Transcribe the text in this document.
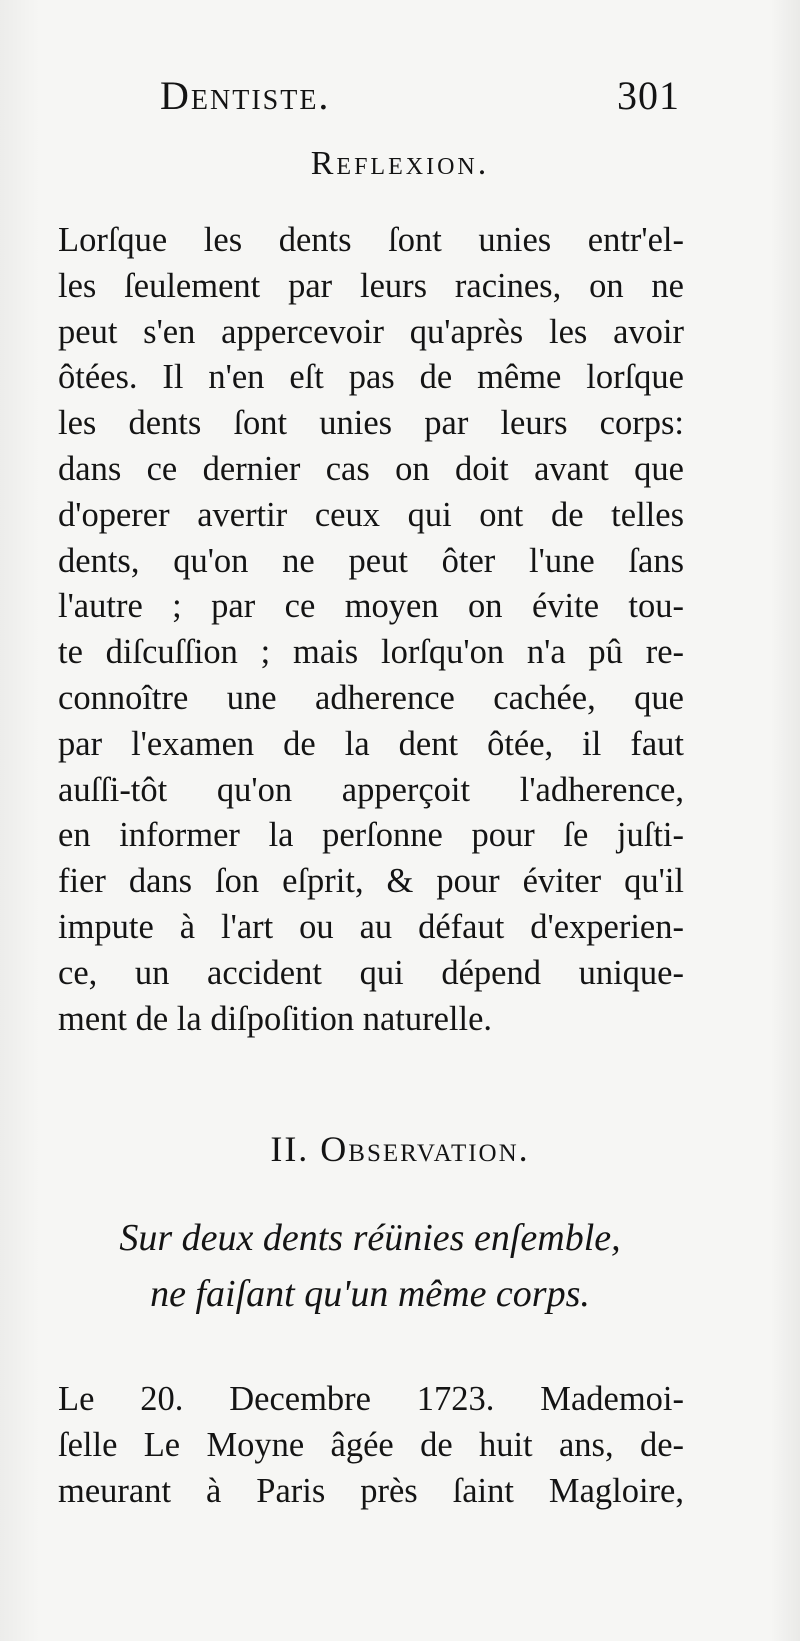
Dentiste.	301
Reflexion.
Lorſque les dents ſont unies entr'el-
les ſeulement par leurs racines, on ne
peut s'en appercevoir qu'après les avoir
ôtées. Il n'en eſt pas de même lorſque
les dents ſont unies par leurs corps:
dans ce dernier cas on doit avant que
d'operer avertir ceux qui ont de telles
dents, qu'on ne peut ôter l'une ſans
l'autre ; par ce moyen on évite tou-
te diſcuſſion ; mais lorſqu'on n'a pû re-
connoître une adherence cachée, que
par l'examen de la dent ôtée, il faut
auſſi-tôt qu'on apperçoit l'adherence,
en informer la perſonne pour ſe juſti-
fier dans ſon eſprit, & pour éviter qu'il
impute à l'art ou au défaut d'experien-
ce, un accident qui dépend unique-
ment de la diſpoſition naturelle.
II. Observation.
Sur deux dents réünies enſemble,
ne faiſant qu'un même corps.
Le 20. Decembre 1723. Mademoi-
ſelle Le Moyne âgée de huit ans, de-
meurant à Paris près ſaint Magloire,
